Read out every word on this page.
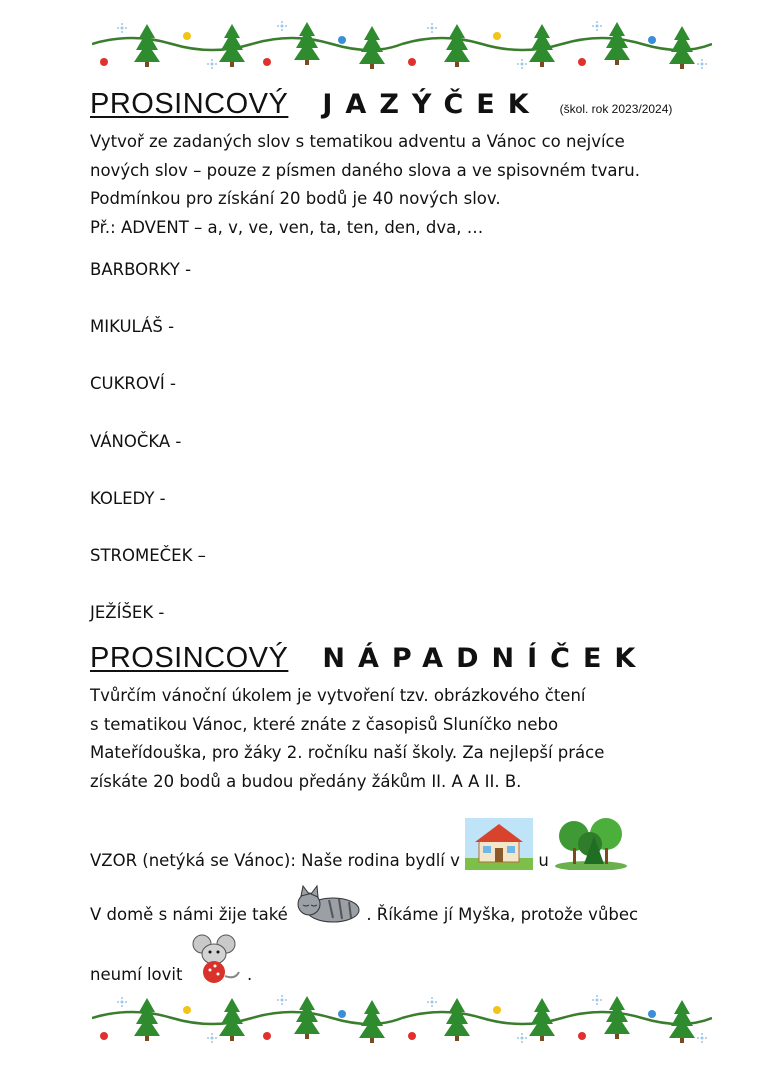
PROSINCOVÝ JAZÝČEK (škol. rok 2023/2024)

Vytvoř ze zadaných slov s tematikou adventu a Vánoc co nejvíce

nových slov – pouze z písmen daného slova a ve spisovném tvaru.

Podmínkou pro získání 20 bodů je 40 nových slov.

Př.: ADVENT – a, v, ve, ven, ta, ten, den, dva, …

BARBORKY -
MIKULÁŠ -
CUKROVÍ -
VÁNOČKA -
KOLEDY -
STROMEČEK –
JEŽÍŠEK -
PROSINCOVÝ NÁPADNÍČEK

Tvůrčím vánoční úkolem je vytvoření tzv. obrázkového čtení

s tematikou Vánoc, které znáte z časopisů Sluníčko nebo

Mateřídouška, pro žáky 2. ročníku naší školy. Za nejlepší práce

získáte 20 bodů a budou předány žákům II. A A II. B.

VZOR (netýká se Vánoc): Naše rodina bydlí v	u
V domě s námi žije také	. Říkáme jí Myška, protože vůbec
neumí lovit	.
